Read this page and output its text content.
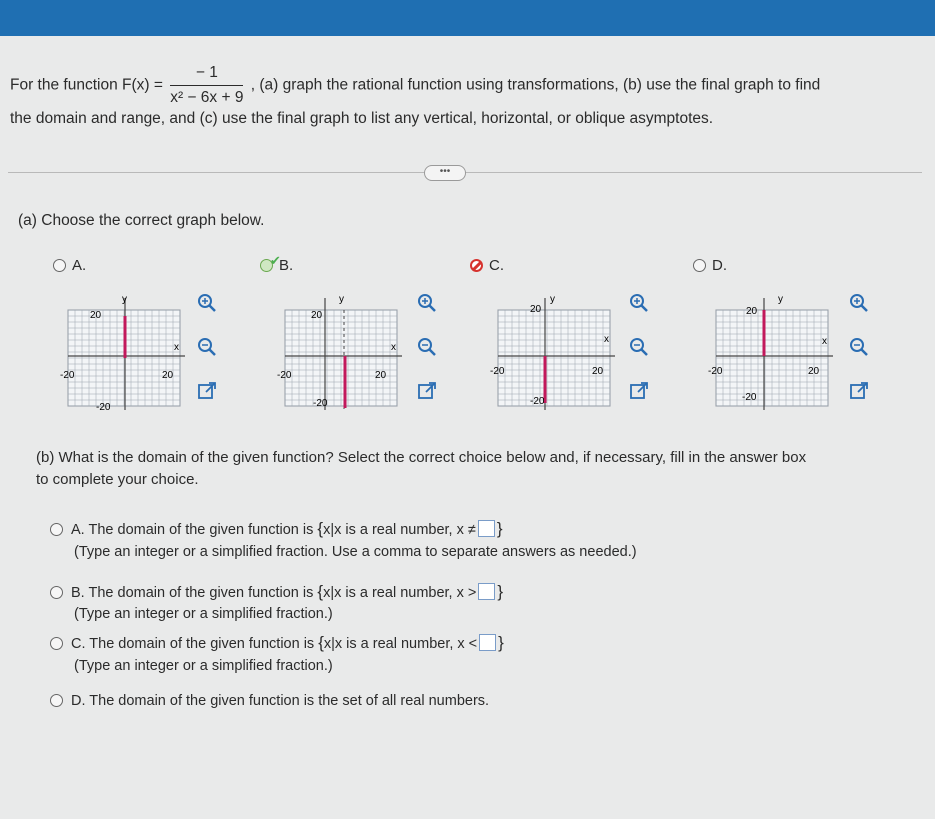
For the function $F(x) = \frac{- 1}{\text{x² − 6x + 9}}$ , (a) graph the rational function using transformations, (b) use the final graph to find
the domain and range, and (c) use the final graph to list any vertical, horizontal, or oblique asymptotes.
•••
(a) Choose the correct graph below.
A.	✔
B.	C.	D.
y
x
20
-20	20
-20
y
x
20
-20	20
-20
y
x
20
-20	20
-20
y
x
20
-20	20
-20
(b) What is the domain of the given function? Select the correct choice below and, if necessary, fill in the answer box
to complete your choice.
A. The domain of the given function is {x|x is a real number, x ≠ }
(Type an integer or a simplified fraction. Use a comma to separate answers as needed.)
B. The domain of the given function is {x|x is a real number, x > }
(Type an integer or a simplified fraction.)
C. The domain of the given function is {x|x is a real number, x < }
(Type an integer or a simplified fraction.)
D. The domain of the given function is the set of all real numbers.
